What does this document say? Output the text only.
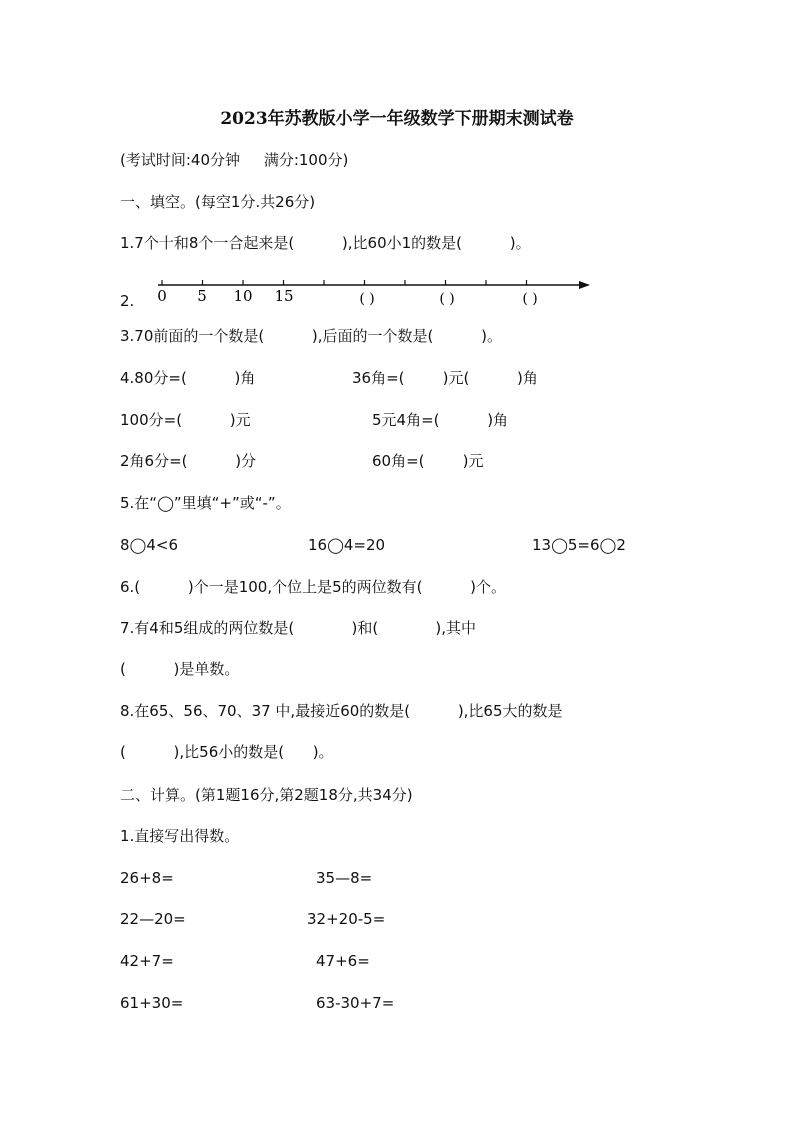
2023年苏教版小学一年级数学下册期末测试卷
(考试时间:40分钟     满分:100分)
一、填空。(每空1分.共26分)
1.7个十和8个一合起来是(          ),比60小1的数是(          )。
2. 0 5 10 15	( )	( )	( )
3.70前面的一个数是(          ),后面的一个数是(          )。
4.80分=(          )角	36角=(        )元(          )角
100分=(          )元	5元4角=(          )角
2角6分=(          )分	60角=(        )元
5.在“◯”里填“+”或“-”。
8◯4<6	16◯4=20	13◯5=6◯2
6.(          )个一是100,个位上是5的两位数有(          )个。
7.有4和5组成的两位数是(            )和(            ),其中
(          )是单数。
8.在65、56、70、37 中,最接近60的数是(          ),比65大的数是
(          ),比56小的数是(      )。
二、计算。(第1题16分,第2题18分,共34分)
1.直接写出得数。
26+8=	35—8=
22—20=	32+20-5=
42+7=	47+6=
61+30=	63-30+7=
